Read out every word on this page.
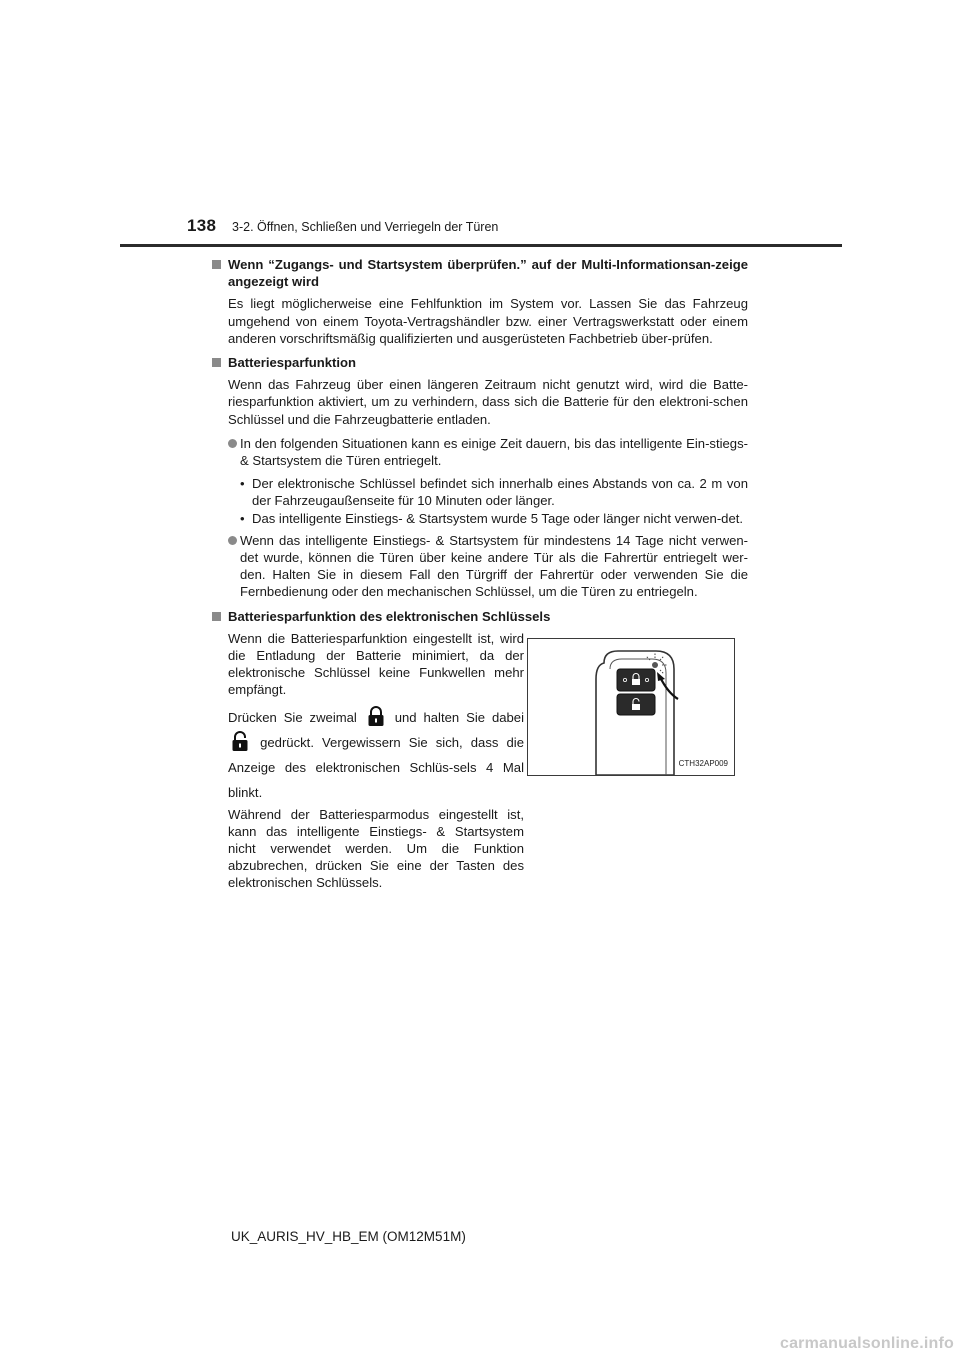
138 3-2. Öffnen, Schließen und Verriegeln der Türen
Wenn “Zugangs- und Startsystem überprüfen.” auf der Multi-Informationsan-zeige angezeigt wird

Es liegt möglicherweise eine Fehlfunktion im System vor. Lassen Sie das Fahrzeug umgehend von einem Toyota-Vertragshändler bzw. einer Vertragswerkstatt oder einem anderen vorschriftsmäßig qualifizierten und ausgerüsteten Fachbetrieb über-prüfen.

Batteriesparfunktion

Wenn das Fahrzeug über einen längeren Zeitraum nicht genutzt wird, wird die Batte-riesparfunktion aktiviert, um zu verhindern, dass sich die Batterie für den elektroni-schen Schlüssel und die Fahrzeugbatterie entladen.

In den folgenden Situationen kann es einige Zeit dauern, bis das intelligente Ein-stiegs- & Startsystem die Türen entriegelt.
• Der elektronische Schlüssel befindet sich innerhalb eines Abstands von ca. 2 m von der Fahrzeugaußenseite für 10 Minuten oder länger.
• Das intelligente Einstiegs- & Startsystem wurde 5 Tage oder länger nicht verwen-det.
Wenn das intelligente Einstiegs- & Startsystem für mindestens 14 Tage nicht verwen-det wurde, können die Türen über keine andere Tür als die Fahrertür entriegelt wer-den. Halten Sie in diesem Fall den Türgriff der Fahrertür oder verwenden Sie die Fernbedienung oder den mechanischen Schlüssel, um die Türen zu entriegeln.
Batteriesparfunktion des elektronischen Schlüssels

Wenn die Batteriesparfunktion eingestellt ist, wird die Entladung der Batterie minimiert, da der elektronische Schlüssel keine Funkwellen mehr empfängt.

Drücken Sie zweimal	und halten Sie dabei  gedrückt. Vergewissern Sie sich, dass die Anzeige des elektronischen Schlüs-sels 4 Mal blinkt.

Während der Batteriesparmodus eingestellt ist, kann das intelligente Einstiegs- & Startsystem nicht verwendet werden. Um die Funktion abzubrechen, drücken Sie eine der Tasten des elektronischen Schlüssels.

CTH32AP009
UK_AURIS_HV_HB_EM (OM12M51M)
carmanualsonline.info
